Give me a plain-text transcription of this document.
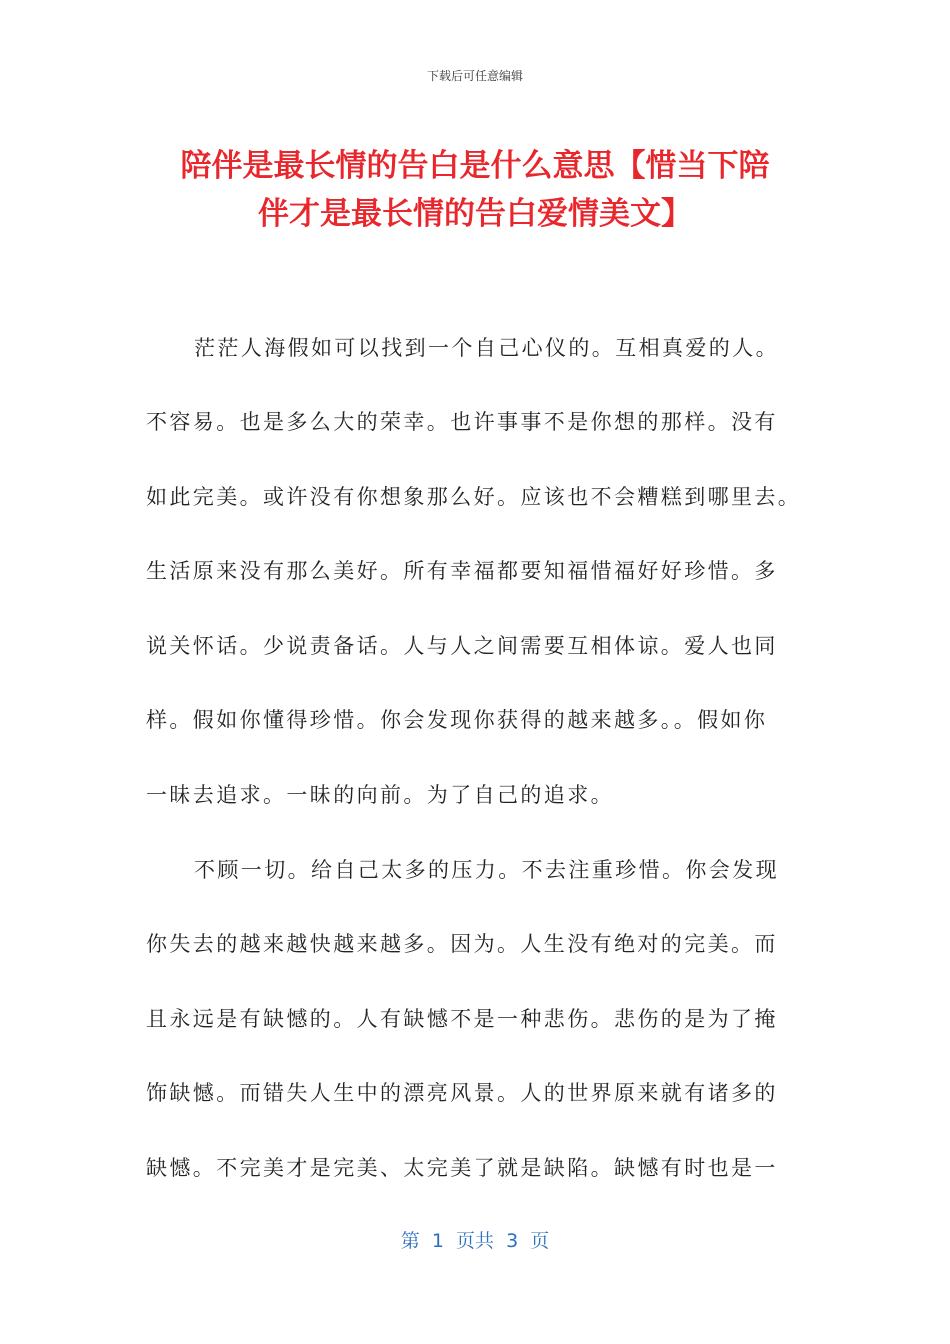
下载后可任意编辑
陪伴是最长情的告白是什么意思【惜当下陪
伴才是最长情的告白爱情美文】
茫茫人海假如可以找到一个自己心仪的。互相真爱的人。
不容易。也是多么大的荣幸。也许事事不是你想的那样。没有
如此完美。或许没有你想象那么好。应该也不会糟糕到哪里去。
生活原来没有那么美好。所有幸福都要知福惜福好好珍惜。多
说关怀话。少说责备话。人与人之间需要互相体谅。爱人也同
样。假如你懂得珍惜。你会发现你获得的越来越多。。假如你
一昧去追求。一昧的向前。为了自己的追求。
不顾一切。给自己太多的压力。不去注重珍惜。你会发现
你失去的越来越快越来越多。因为。人生没有绝对的完美。而
且永远是有缺憾的。人有缺憾不是一种悲伤。悲伤的是为了掩
饰缺憾。而错失人生中的漂亮风景。人的世界原来就有诸多的
缺憾。不完美才是完美、太完美了就是缺陷。缺憾有时也是一
第  1  页共  3  页
